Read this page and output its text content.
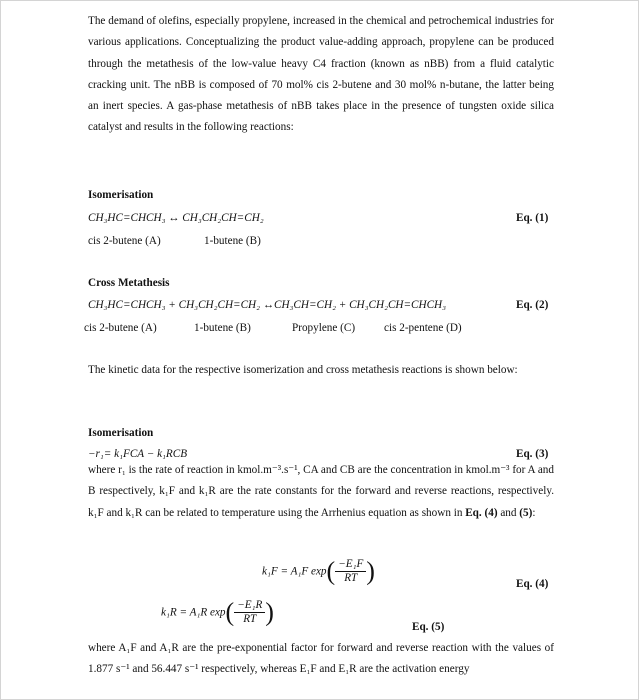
The demand of olefins, especially propylene, increased in the chemical and petrochemical industries for various applications. Conceptualizing the product value-adding approach, propylene can be produced through the metathesis of the low-value heavy C4 fraction (known as nBB) from a fluid catalytic cracking unit. The nBB is composed of 70 mol% cis 2-butene and 30 mol% n-butane, the latter being an inert species. A gas-phase metathesis of nBB takes place in the presence of tungsten oxide silica catalyst and results in the following reactions:
Isomerisation
CH₃HC=CHCH₃ ↔ CH₃CH₂CH=CH₂	Eq. (1)
cis 2-butene (A)	1-butene (B)
Cross Metathesis
CH₃HC=CHCH₃ + CH₃CH₂CH=CH₂ ↔CH₃CH=CH₂ + CH₃CH₂CH=CHCH₃	Eq. (2)
cis 2-butene (A)	1-butene (B)	Propylene (C)	cis 2-pentene (D)
The kinetic data for the respective isomerization and cross metathesis reactions is shown below:
Isomerisation
−r₁= k₁FCA − k₁RCB	Eq. (3)
where r₁ is the rate of reaction in kmol.m⁻³.s⁻¹, CA and CB are the concentration in kmol.m⁻³ for A and B respectively, k₁F and k₁R are the rate constants for the forward and reverse reactions, respectively. k₁F and k₁R can be related to temperature using the Arrhenius equation as shown in Eq. (4) and (5):
k₁F = A₁F $\exp( \frac{\text{−E₁F}}{RT}$ )	Eq. (4)
k₁R = A₁R $\exp( \frac{\text{−E₁R}}{RT}$ )
Eq. (5)
where A₁F and A₁R are the pre-exponential factor for forward and reverse reaction with the values of 1.877 s⁻¹ and 56.447 s⁻¹ respectively, whereas E₁F and E₁R are the activation energy
